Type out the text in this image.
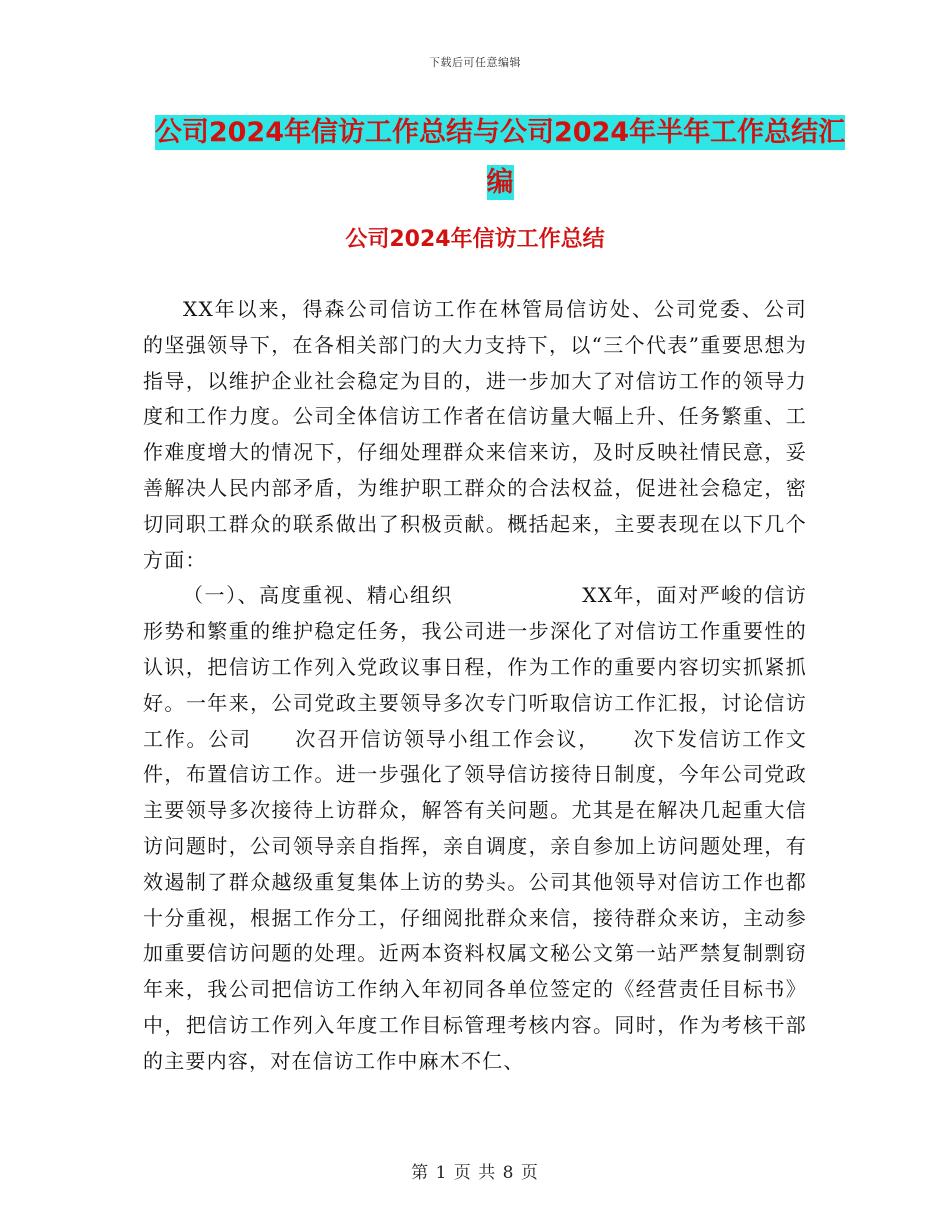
下载后可任意编辑
公司2024年信访工作总结与公司2024年半年工作总结汇编
公司2024年信访工作总结

XX年以来，得森公司信访工作在林管局信访处、公司党委、公司的坚强领导下，在各相关部门的大力支持下，以“三个代表”重要思想为指导，以维护企业社会稳定为目的，进一步加大了对信访工作的领导力度和工作力度。公司全体信访工作者在信访量大幅上升、任务繁重、工作难度增大的情况下，仔细处理群众来信来访，及时反映社情民意，妥善解决人民内部矛盾，为维护职工群众的合法权益，促进社会稳定，密切同职工群众的联系做出了积极贡献。概括起来，主要表现在以下几个方面：

（一）、高度重视、精心组织　　　　　　XX年，面对严峻的信访形势和繁重的维护稳定任务，我公司进一步深化了对信访工作重要性的认识，把信访工作列入党政议事日程，作为工作的重要内容切实抓紧抓好。一年来，公司党政主要领导多次专门听取信访工作汇报，讨论信访工作。公司　　次召开信访领导小组工作会议，　　次下发信访工作文件，布置信访工作。进一步强化了领导信访接待日制度，今年公司党政主要领导多次接待上访群众，解答有关问题。尤其是在解决几起重大信访问题时，公司领导亲自指挥，亲自调度，亲自参加上访问题处理，有效遏制了群众越级重复集体上访的势头。公司其他领导对信访工作也都十分重视，根据工作分工，仔细阅批群众来信，接待群众来访，主动参加重要信访问题的处理。近两本资料权属文秘公文第一站严禁复制剽窃年来，我公司把信访工作纳入年初同各单位签定的《经营责任目标书》中，把信访工作列入年度工作目标管理考核内容。同时，作为考核干部的主要内容，对在信访工作中麻木不仁、

第 1 页 共 8 页
